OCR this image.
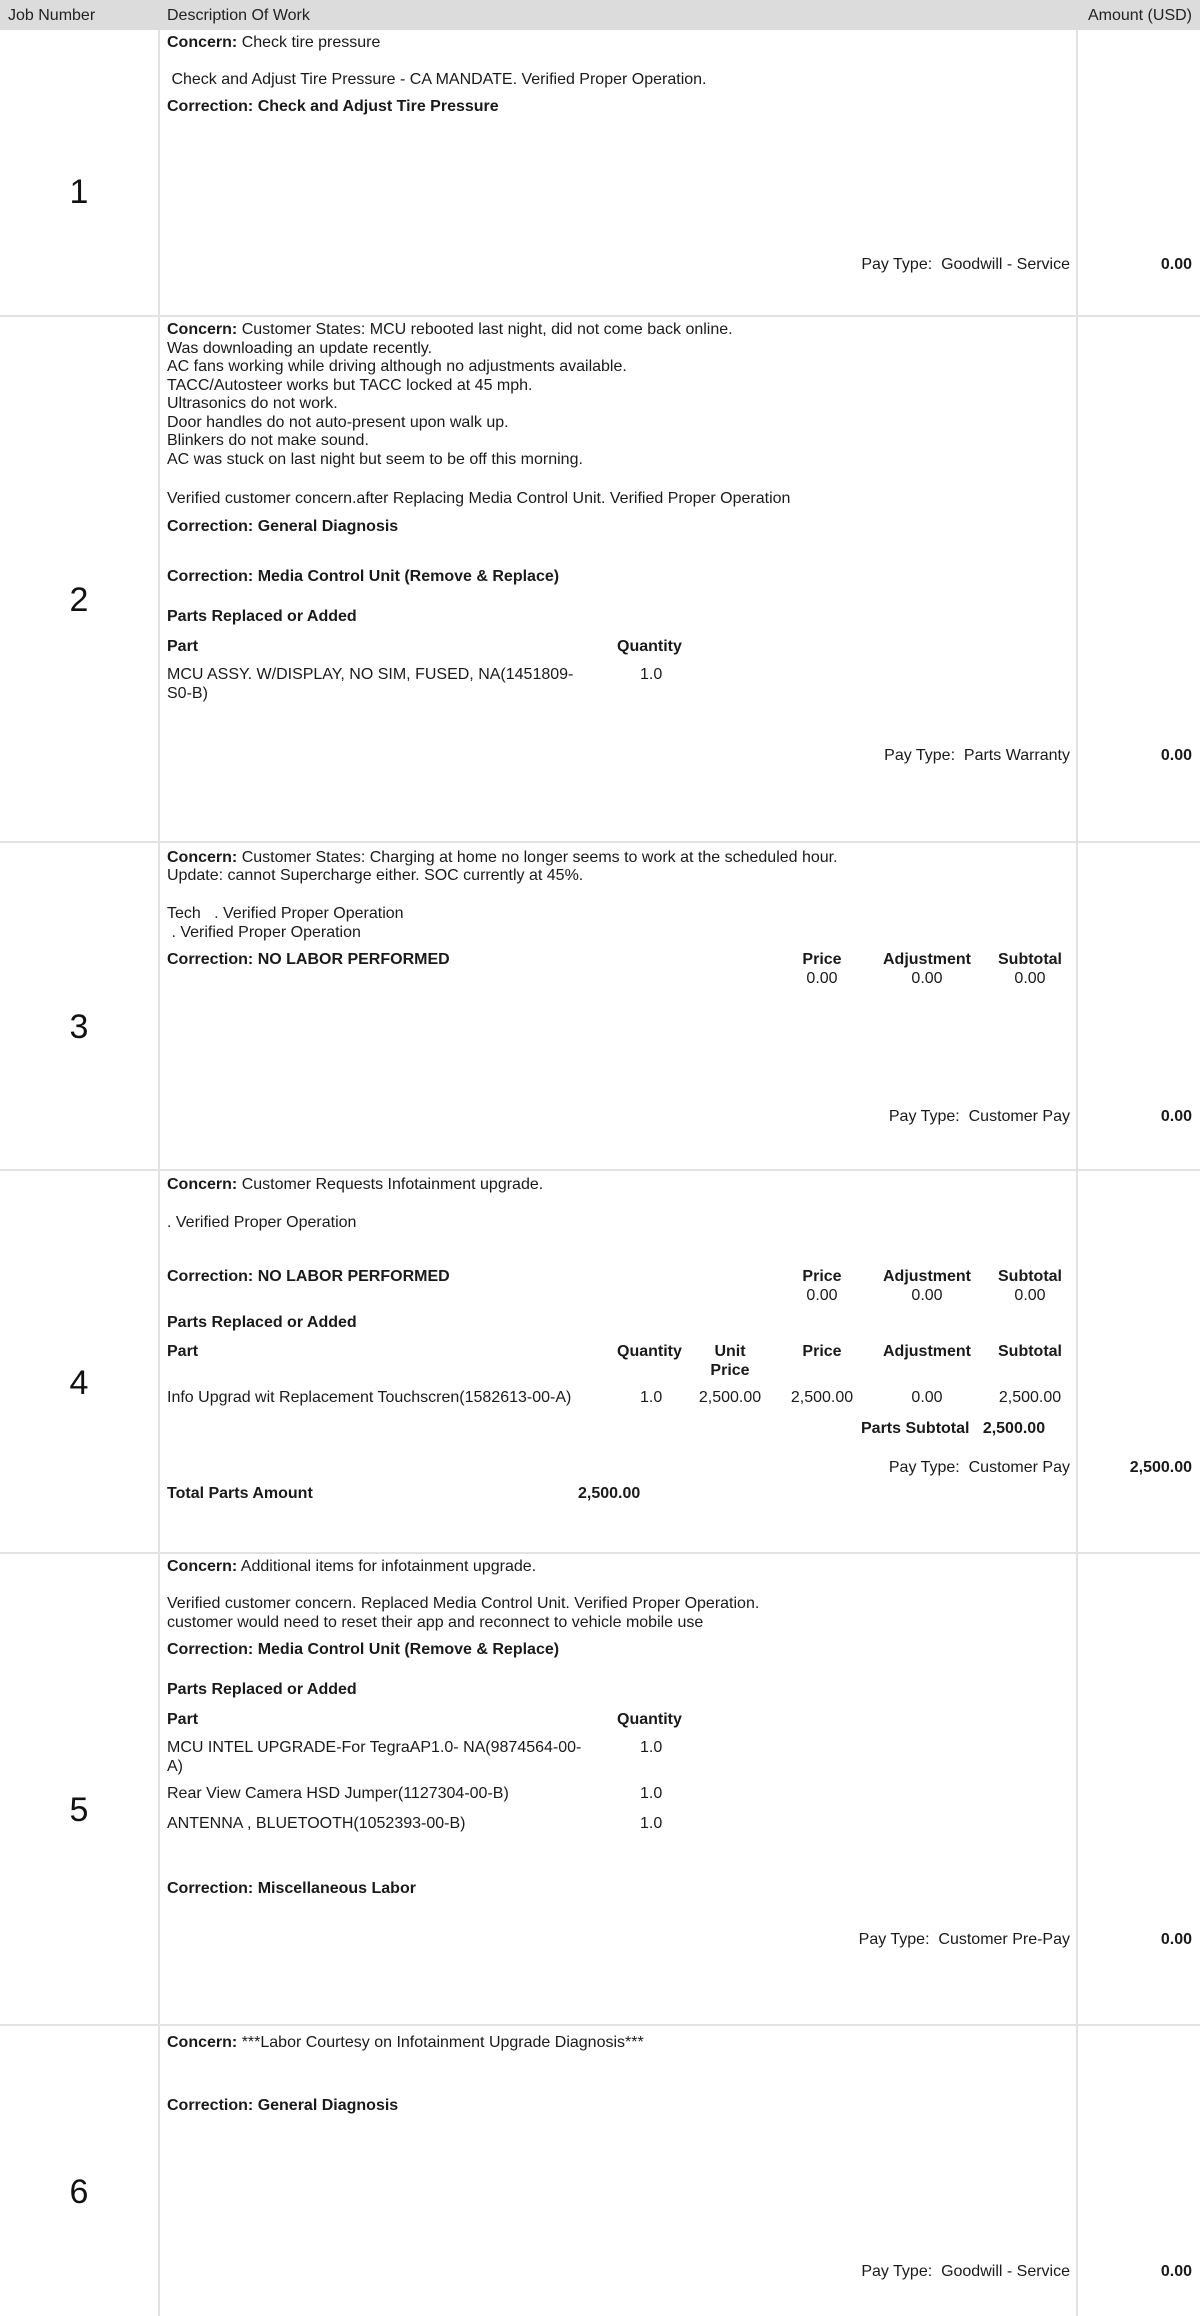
Job Number	Description Of Work	Amount (USD)
1
Concern: Check tire pressure
Check and Adjust Tire Pressure - CA MANDATE. Verified Proper Operation.
Correction: Check and Adjust Tire Pressure
Pay Type: Goodwill - Service	0.00
2
Concern: Customer States: MCU rebooted last night, did not come back online.
Was downloading an update recently.
AC fans working while driving although no adjustments available.
TACC/Autosteer works but TACC locked at 45 mph.
Ultrasonics do not work.
Door handles do not auto-present upon walk up.
Blinkers do not make sound.
AC was stuck on last night but seem to be off this morning.
Verified customer concern.after Replacing Media Control Unit. Verified Proper Operation
Correction: General Diagnosis
Correction: Media Control Unit (Remove & Replace)
Parts Replaced or Added
Part	Quantity
MCU ASSY. W/DISPLAY, NO SIM, FUSED, NA(1451809-
S0-B)
1.0
Pay Type: Parts Warranty	0.00
3
Concern: Customer States: Charging at home no longer seems to work at the scheduled hour.
Update: cannot Supercharge either. SOC currently at 45%.
Tech   . Verified Proper Operation
. Verified Proper Operation
Correction: NO LABOR PERFORMED	Price	Adjustment	Subtotal
0.00	0.00	0.00
Pay Type: Customer Pay	0.00
4
Concern: Customer Requests Infotainment upgrade.
. Verified Proper Operation
Correction: NO LABOR PERFORMED	Price	Adjustment	Subtotal
0.00	0.00	0.00
Parts Replaced or Added
Part	Quantity	Unit
Price
Price	Adjustment	Subtotal
Info Upgrad wit Replacement Touchscren(1582613-00-A)	1.0	2,500.00	2,500.00	0.00	2,500.00
Parts Subtotal 2,500.00
Pay Type: Customer Pay	2,500.00
Total Parts Amount	2,500.00
5
Concern: Additional items for infotainment upgrade.
Verified customer concern. Replaced Media Control Unit. Verified Proper Operation.
customer would need to reset their app and reconnect to vehicle mobile use
Correction: Media Control Unit (Remove & Replace)
Parts Replaced or Added
Part	Quantity
MCU INTEL UPGRADE-For TegraAP1.0- NA(9874564-00-
A)
1.0
Rear View Camera HSD Jumper(1127304-00-B)	1.0
ANTENNA , BLUETOOTH(1052393-00-B)	1.0
Correction: Miscellaneous Labor
Pay Type: Customer Pre-Pay	0.00
6
Concern: ***Labor Courtesy on Infotainment Upgrade Diagnosis***
Correction: General Diagnosis
Pay Type: Goodwill - Service	0.00
